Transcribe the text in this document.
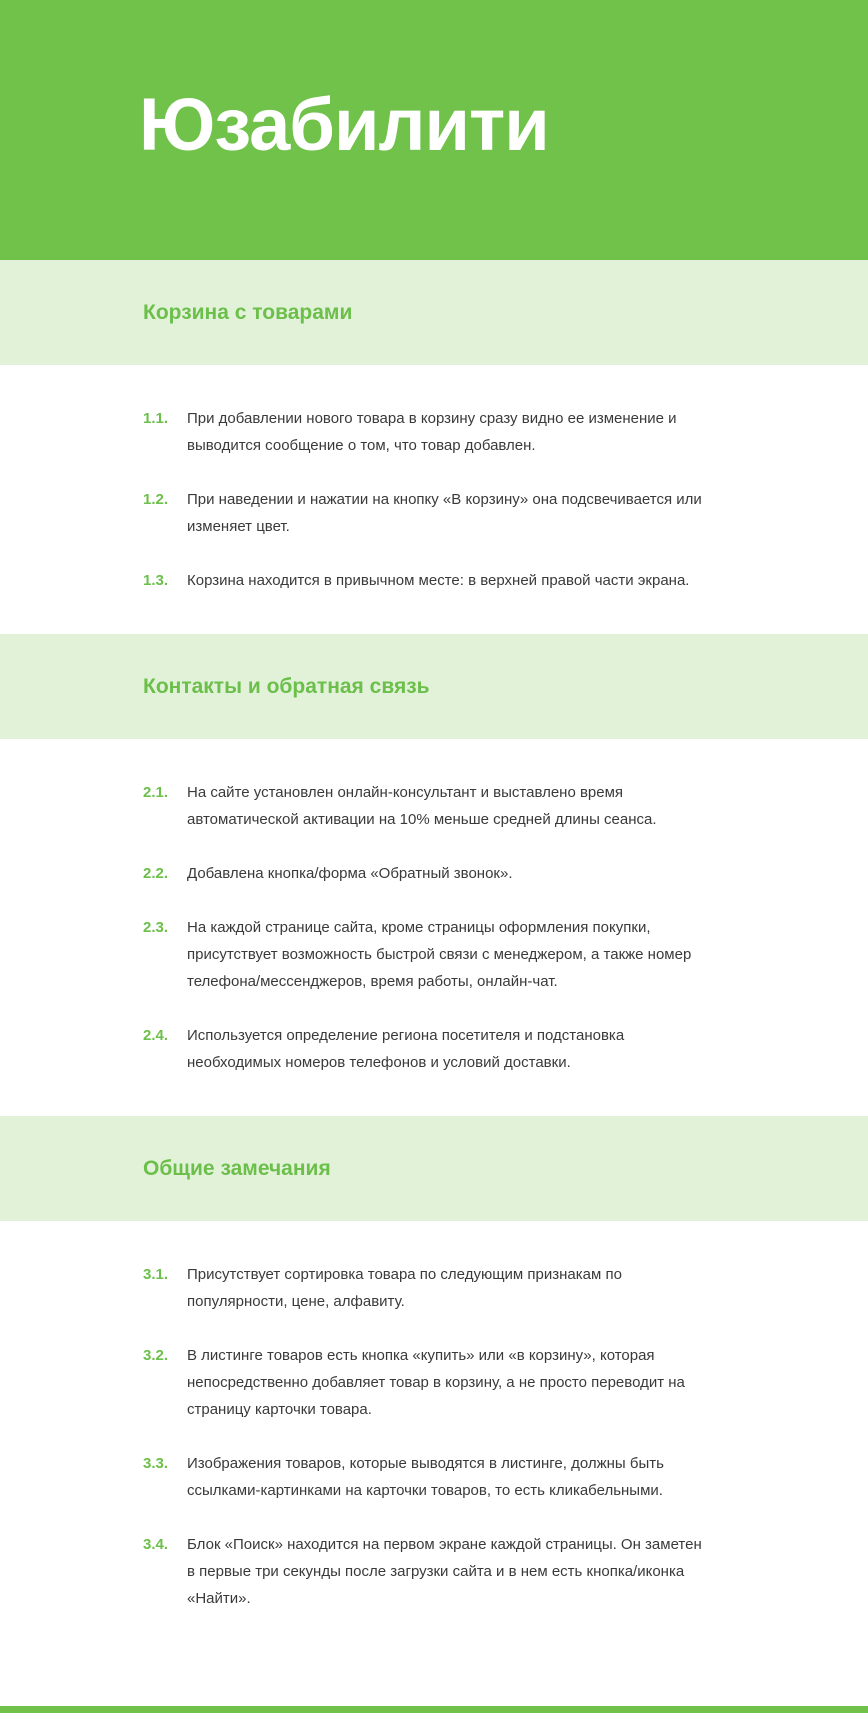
Юзабилити
Корзина с товарами
1.1.	При добавлении нового товара в корзину сразу видно ее изменение и выводится сообщение о том, что товар добавлен.
1.2.	При наведении и нажатии на кнопку «В корзину» она подсвечивается или изменяет цвет.
1.3.	Корзина находится в привычном месте: в верхней правой части экрана.
Контакты и обратная связь
2.1.	На сайте установлен онлайн-консультант и выставлено время автоматической активации на 10% меньше средней длины сеанса.
2.2.	Добавлена кнопка/форма «Обратный звонок».
2.3.	На каждой странице сайта, кроме страницы оформления покупки, присутствует возможность быстрой связи с менеджером, а также номер телефона/мессенджеров, время работы, онлайн-чат.
2.4.	Используется определение региона посетителя и подстановка необходимых номеров телефонов и условий доставки.
Общие замечания
3.1.	Присутствует сортировка товара по следующим признакам по популярности, цене, алфавиту.
3.2.	В листинге товаров есть кнопка «купить» или «в корзину», которая непосредственно добавляет товар в корзину, а не просто переводит на страницу карточки товара.
3.3.	Изображения товаров, которые выводятся в листинге, должны быть ссылками-картинками на карточки товаров, то есть кликабельными.
3.4.	Блок «Поиск» находится на первом экране каждой страницы. Он заметен в первые три секунды после загрузки сайта и в нем есть кнопка/иконка «Найти».
